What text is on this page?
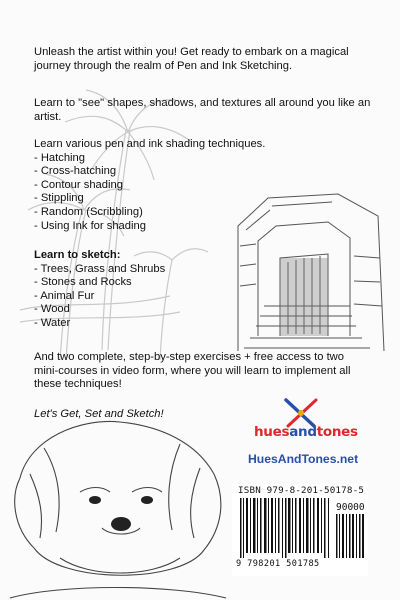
Unleash the artist within you! Get ready to embark on a magical journey through the realm of Pen and Ink Sketching.

Learn to "see" shapes, shadows, and textures all around you like an artist.

Learn various pen and ink shading techniques.

- Hatching
- Cross-hatching
- Contour shading
- Stippling
- Random (Scribbling)
- Using Ink for shading

Learn to sketch:

- Trees, Grass and Shrubs
- Stones and Rocks
- Animal Fur
- Wood
- Water

And two complete, step-by-step exercises + free access to two mini-courses in video form, where you will learn to implement all these techniques!

Let's Get, Set and Sketch!

huesandtones
HuesAndTones.net
ISBN 979-8-201-50178-5
90000
9 798201 501785
